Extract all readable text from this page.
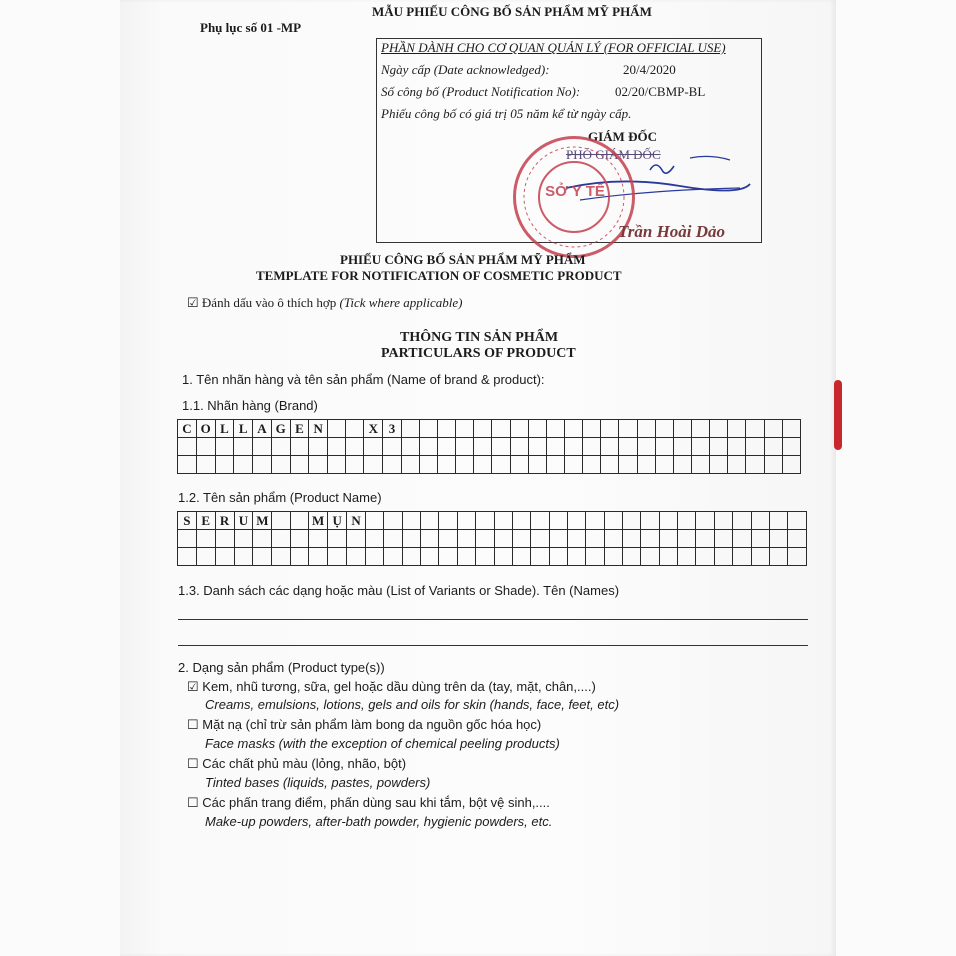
MẪU PHIẾU CÔNG BỐ SẢN PHẨM MỸ PHẨM
Phụ lục số 01 -MP
PHẦN DÀNH CHO CƠ QUAN QUẢN LÝ (FOR OFFICIAL USE)
Ngày cấp (Date acknowledged):	20/4/2020
Số công bố (Product Notification No):	02/20/CBMP-BL
Phiếu công bố có giá trị 05 năm kể từ ngày cấp.
GIÁM ĐỐC
PHÓ GIÁM ĐỐC
SỞ Y TẾ
Trần Hoài Dảo
PHIẾU CÔNG BỐ SẢN PHẨM MỸ PHẨM
TEMPLATE FOR NOTIFICATION OF COSMETIC PRODUCT
☑ Đánh dấu vào ô thích hợp (Tick where applicable)
THÔNG TIN SẢN PHẨM
PARTICULARS OF PRODUCT
1. Tên nhãn hàng và tên sản phẩm (Name of brand & product):
1.1. Nhãn hàng (Brand)
C	O	L	L	A	G	E	N			X	3																						

1.2. Tên sản phẩm (Product Name)
S	E	R	U	M			M	Ụ	N																								

1.3. Danh sách các dạng hoặc màu (List of Variants or Shade). Tên (Names)
2. Dạng sản phẩm (Product type(s))
☑ Kem, nhũ tương, sữa, gel hoặc dầu dùng trên da (tay, mặt, chân,....)
Creams, emulsions, lotions, gels and oils for skin (hands, face, feet, etc)
☐ Mặt nạ (chỉ trừ sản phẩm làm bong da nguồn gốc hóa học)
Face masks (with the exception of chemical peeling products)
☐ Các chất phủ màu (lỏng, nhão, bột)
Tinted bases (liquids, pastes, powders)
☐ Các phấn trang điểm, phấn dùng sau khi tắm, bột vệ sinh,....
Make-up powders, after-bath powder, hygienic powders, etc.
